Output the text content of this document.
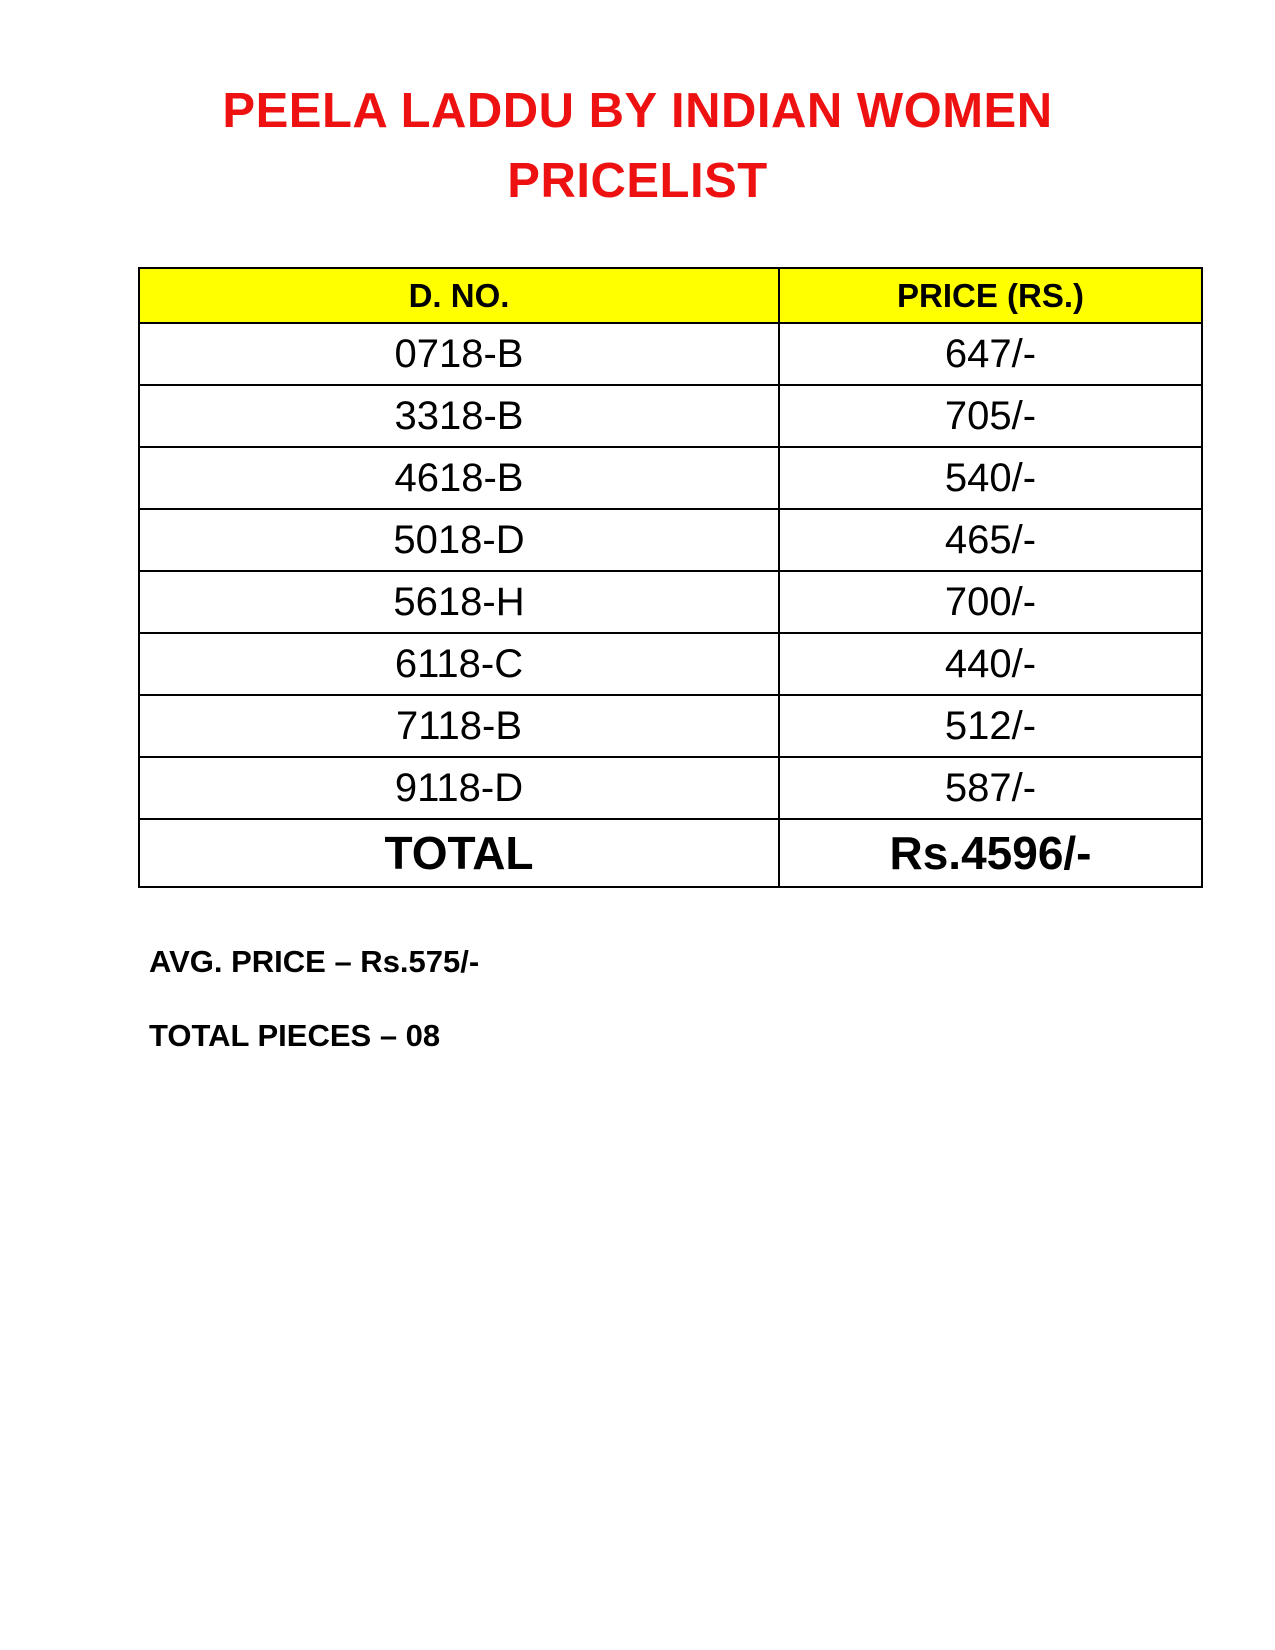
PEELA LADDU BY INDIAN WOMEN
PRICELIST
D. NO.	PRICE (RS.)
0718-B	647/-
3318-B	705/-
4618-B	540/-
5018-D	465/-
5618-H	700/-
6118-C	440/-
7118-B	512/-
9118-D	587/-
TOTAL	Rs.4596/-
AVG. PRICE – Rs.575/-
TOTAL PIECES – 08
